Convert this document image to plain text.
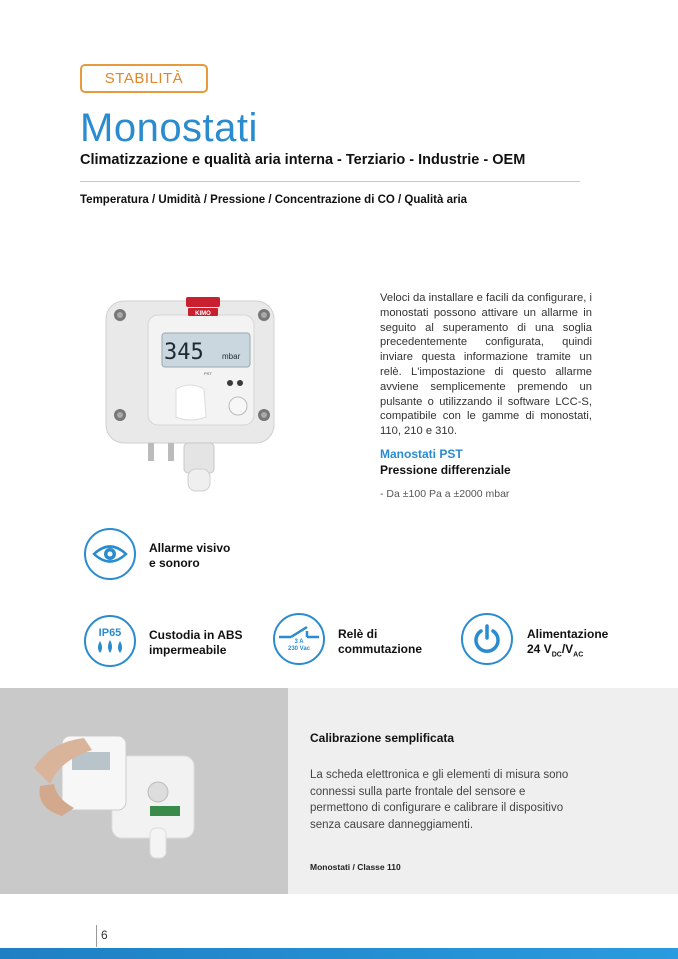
STABILITÀ
Monostati
Climatizzazione e qualità aria interna - Terziario - Industrie - OEM
Temperatura / Umidità / Pressione / Concentrazione di CO / Qualità aria
KIMO
345 mbar
PST
Veloci da installare e facili da configurare, i monostati possono attivare un allarme in seguito al superamento di una soglia precedentemente configurata, quindi inviare questa informazione tramite un relè. L'impostazione di questo allarme avviene semplicemente premendo un pulsante o utilizzando il software LCC-S, compatibile con le gamme di monostati, 110, 210 e 310.
Manostati PST
Pressione differenziale
- Da ±100 Pa a ±2000 mbar
Allarme visivo
e sonoro
IP65 Custodia in ABS
impermeabile
3 A
230 Vac
Relè di
commutazione
Alimentazione
24 $V_{DC}/V_{AC}$
Calibrazione semplificata
La scheda elettronica e gli elementi di misura sono connessi sulla parte frontale del sensore e permettono di configurare e calibrare il dispositivo senza causare danneggiamenti.
Monostati / Classe 110
6
